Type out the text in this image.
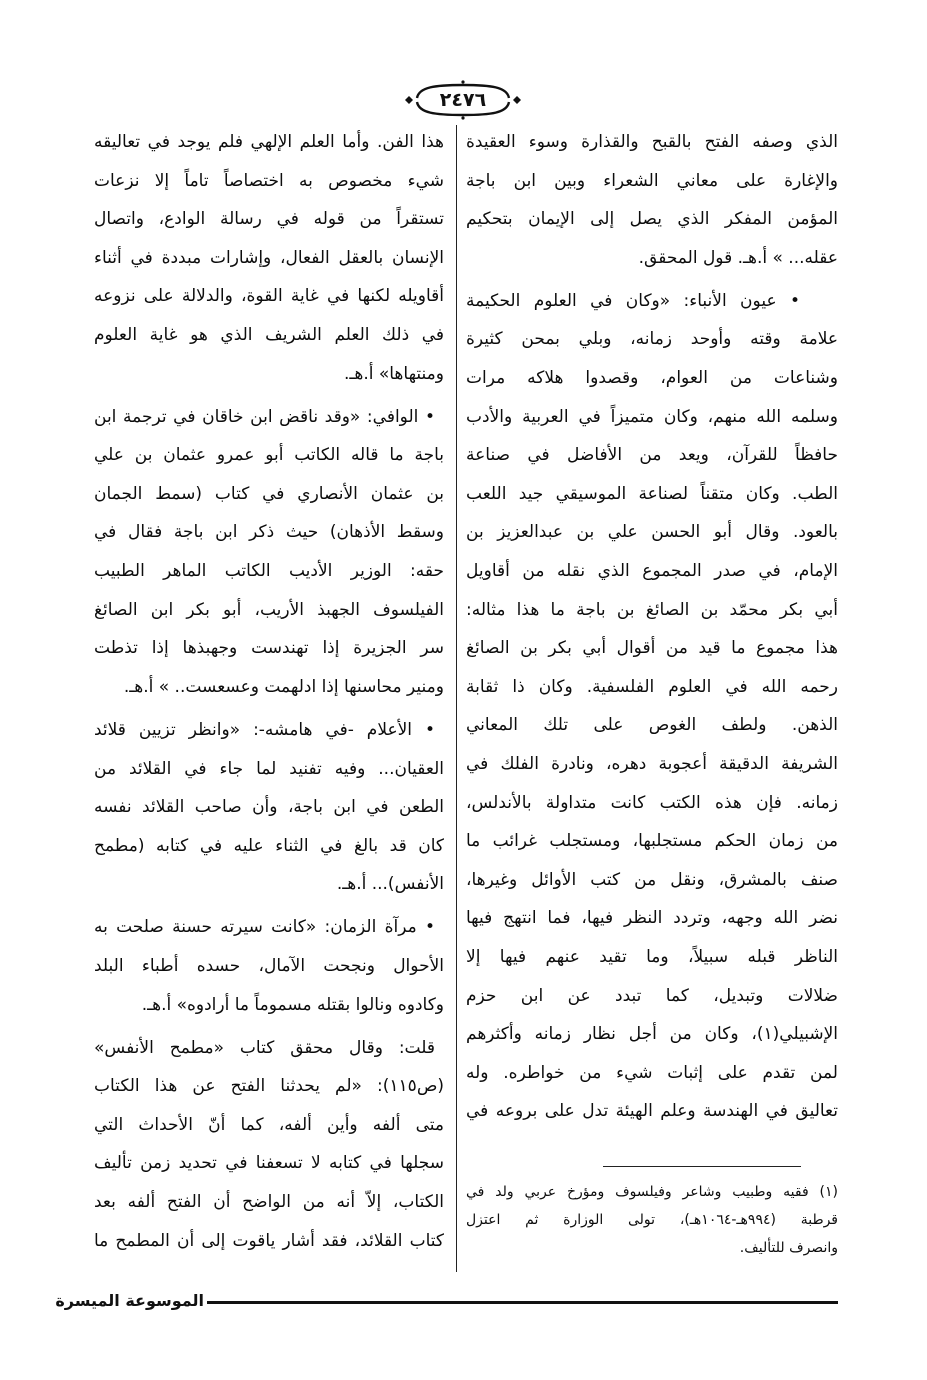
٢٤٧٦
الذي وصفه الفتح بالقبح والقذارة وسوء العقيدة
والإغارة على معاني الشعراء وبين ابن باجة
المؤمن المفكر الذي يصل إلى الإيمان بتحكيم
عقله... » أ.هـ. قول المحقق.
• عيون الأنباء: «وكان في العلوم الحكيمة
علامة وقته وأوحد زمانه، وبلي بمحن كثيرة
وشناعات من العوام، وقصدوا هلاكه مرات
وسلمه الله منهم، وكان متميزاً في العربية والأدب
حافظاً للقرآن، ويعد من الأفاضل في صناعة
الطب. وكان متقناً لصناعة الموسيقي جيد اللعب
بالعود. وقال أبو الحسن علي بن عبدالعزيز بن
الإمام، في صدر المجموع الذي نقله من أقاويل
أبي بكر محمّد بن الصائغ بن باجة ما هذا مثاله:
هذا مجموع ما قيد من أقوال أبي بكر بن الصائغ
رحمه الله في العلوم الفلسفية. وكان ذا ثقابة
الذهن. ولطف الغوص على تلك المعاني
الشريفة الدقيقة أعجوبة دهره، ونادرة الفلك في
زمانه. فإن هذه الكتب كانت متداولة بالأندلس،
من زمان الحكم مستجلبها، ومستجلب غرائب ما
صنف بالمشرق، ونقل من كتب الأوائل وغيرها،
نضر الله وجهه، وتردد النظر فيها، فما انتهج فيها
الناظر قبله سبيلاً، وما تقيد عنهم فيها إلا
ضلالات وتبديل، كما تبدد عن ابن حزم
الإشبيلي(١)، وكان من أجل نظار زمانه وأكثرهم
لمن تقدم على إثبات شيء من خواطره. وله
تعاليق في الهندسة وعلم الهيئة تدل على بروعه في
هذا الفن. وأما العلم الإلهي فلم يوجد في تعاليقه
شيء مخصوص به اختصاصاً تاماً إلا نزعات
تستقراً من قوله في رسالة الوادع، واتصال
الإنسان بالعقل الفعال، وإشارات مبددة في أثناء
أقاويله لكنها في غاية القوة، والدلالة على نزوعه
في ذلك العلم الشريف الذي هو غاية العلوم
ومنتهاها» أ.هـ.
• الوافي: «وقد ناقض ابن خاقان في ترجمة ابن
باجة ما قاله الكاتب أبو عمرو عثمان بن علي
بن عثمان الأنصاري في كتاب (سمط الجمان
وسقط الأذهان) حيث ذكر ابن باجة فقال في
حقه: الوزير الأديب الكاتب الماهر الطبيب
الفيلسوف الجهبذ الأريب، أبو بكر ابن الصائغ
سر الجزيرة إذا تهندست وجهبذها إذا تذطت
ومنير محاسنها إذا ادلهمت وعسعست.. » أ.هـ.
• الأعلام -في هامشه-: «وانظر تزيين قلائد
العقيان... وفيه تفنيد لما جاء في القلائد من
الطعن في ابن باجة، وأن صاحب القلائد نفسه
كان قد بالغ في الثناء عليه في كتابه (مطمح
الأنفس)... أ.هـ.
• مرآة الزمان: «كانت سيرته حسنة صلحت به
الأحوال ونجحت الآمال، حسده أطباء البلد
وكادوه ونالوا بقتله مسموماً ما أرادوه» أ.هـ.
قلت: وقال محقق كتاب «مطمح الأنفس»
(ص١١٥): «لم يحدثنا الفتح عن هذا الكتاب
متى ألفه وأين ألفه، كما أنّ الأحداث التي
سجلها في كتابه لا تسعفنا في تحديد زمن تأليف
الكتاب، إلاّ أنه من الواضح أن الفتح ألفه بعد
كتاب القلائد، فقد أشار ياقوت إلى أن المطمح ما
(١) فقيه وطبيب وشاعر وفيلسوف ومؤرخ عربي ولد في
قرطبة (٩٩٤هـ-١٠٦٤هـ)، تولى الوزارة ثم اعتزل
وانصرف للتأليف.
الموسوعة الميسرة
